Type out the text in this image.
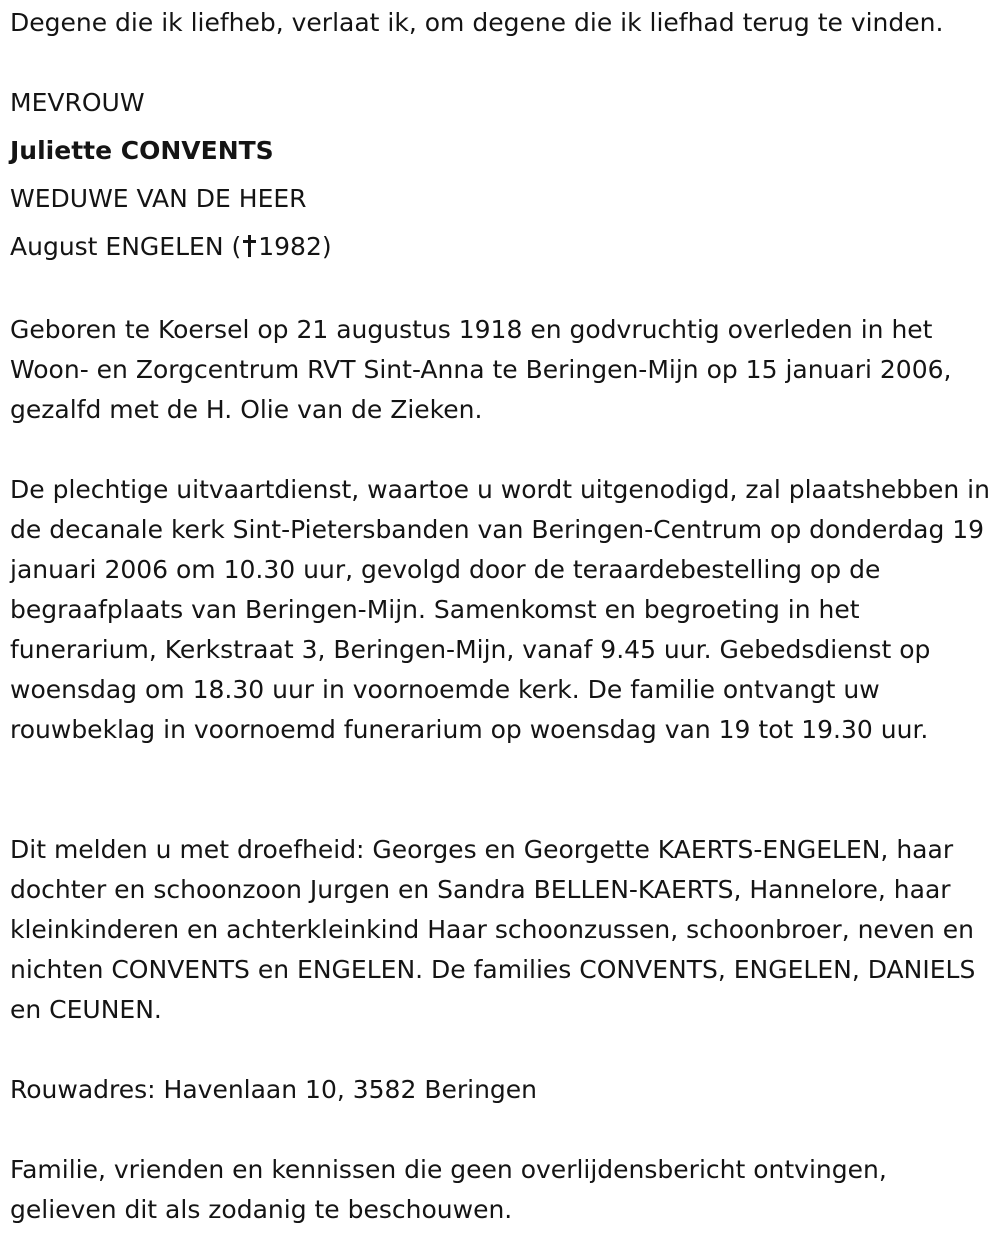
Degene die ik liefheb, verlaat ik, om degene die ik liefhad terug te vinden.

MEVROUW

Juliette CONVENTS

WEDUWE VAN DE HEER

August ENGELEN ( 1982)

Geboren te Koersel op 21 augustus 1918 en godvruchtig overleden in het Woon- en Zorgcentrum RVT Sint-Anna te Beringen-Mijn op 15 januari 2006, gezalfd met de H. Olie van de Zieken.

De plechtige uitvaartdienst, waartoe u wordt uitgenodigd, zal plaatshebben in de decanale kerk Sint-Pietersbanden van Beringen-Centrum op donderdag 19 januari 2006 om 10.30 uur, gevolgd door de teraardebestelling op de begraafplaats van Beringen-Mijn. Samenkomst en begroeting in het funerarium, Kerkstraat 3, Beringen-Mijn, vanaf 9.45 uur. Gebedsdienst op woensdag om 18.30 uur in voornoemde kerk. De familie ontvangt uw rouwbeklag in voornoemd funerarium op woensdag van 19 tot 19.30 uur.

Dit melden u met droefheid: Georges en Georgette KAERTS-ENGELEN, haar dochter en schoonzoon Jurgen en Sandra BELLEN-KAERTS, Hannelore, haar kleinkinderen en achterkleinkind Haar schoonzussen, schoonbroer, neven en nichten CONVENTS en ENGELEN. De families CONVENTS, ENGELEN, DANIELS en CEUNEN.

Rouwadres: Havenlaan 10, 3582 Beringen

Familie, vrienden en kennissen die geen overlijdensbericht ontvingen, gelieven dit als zodanig te beschouwen.
